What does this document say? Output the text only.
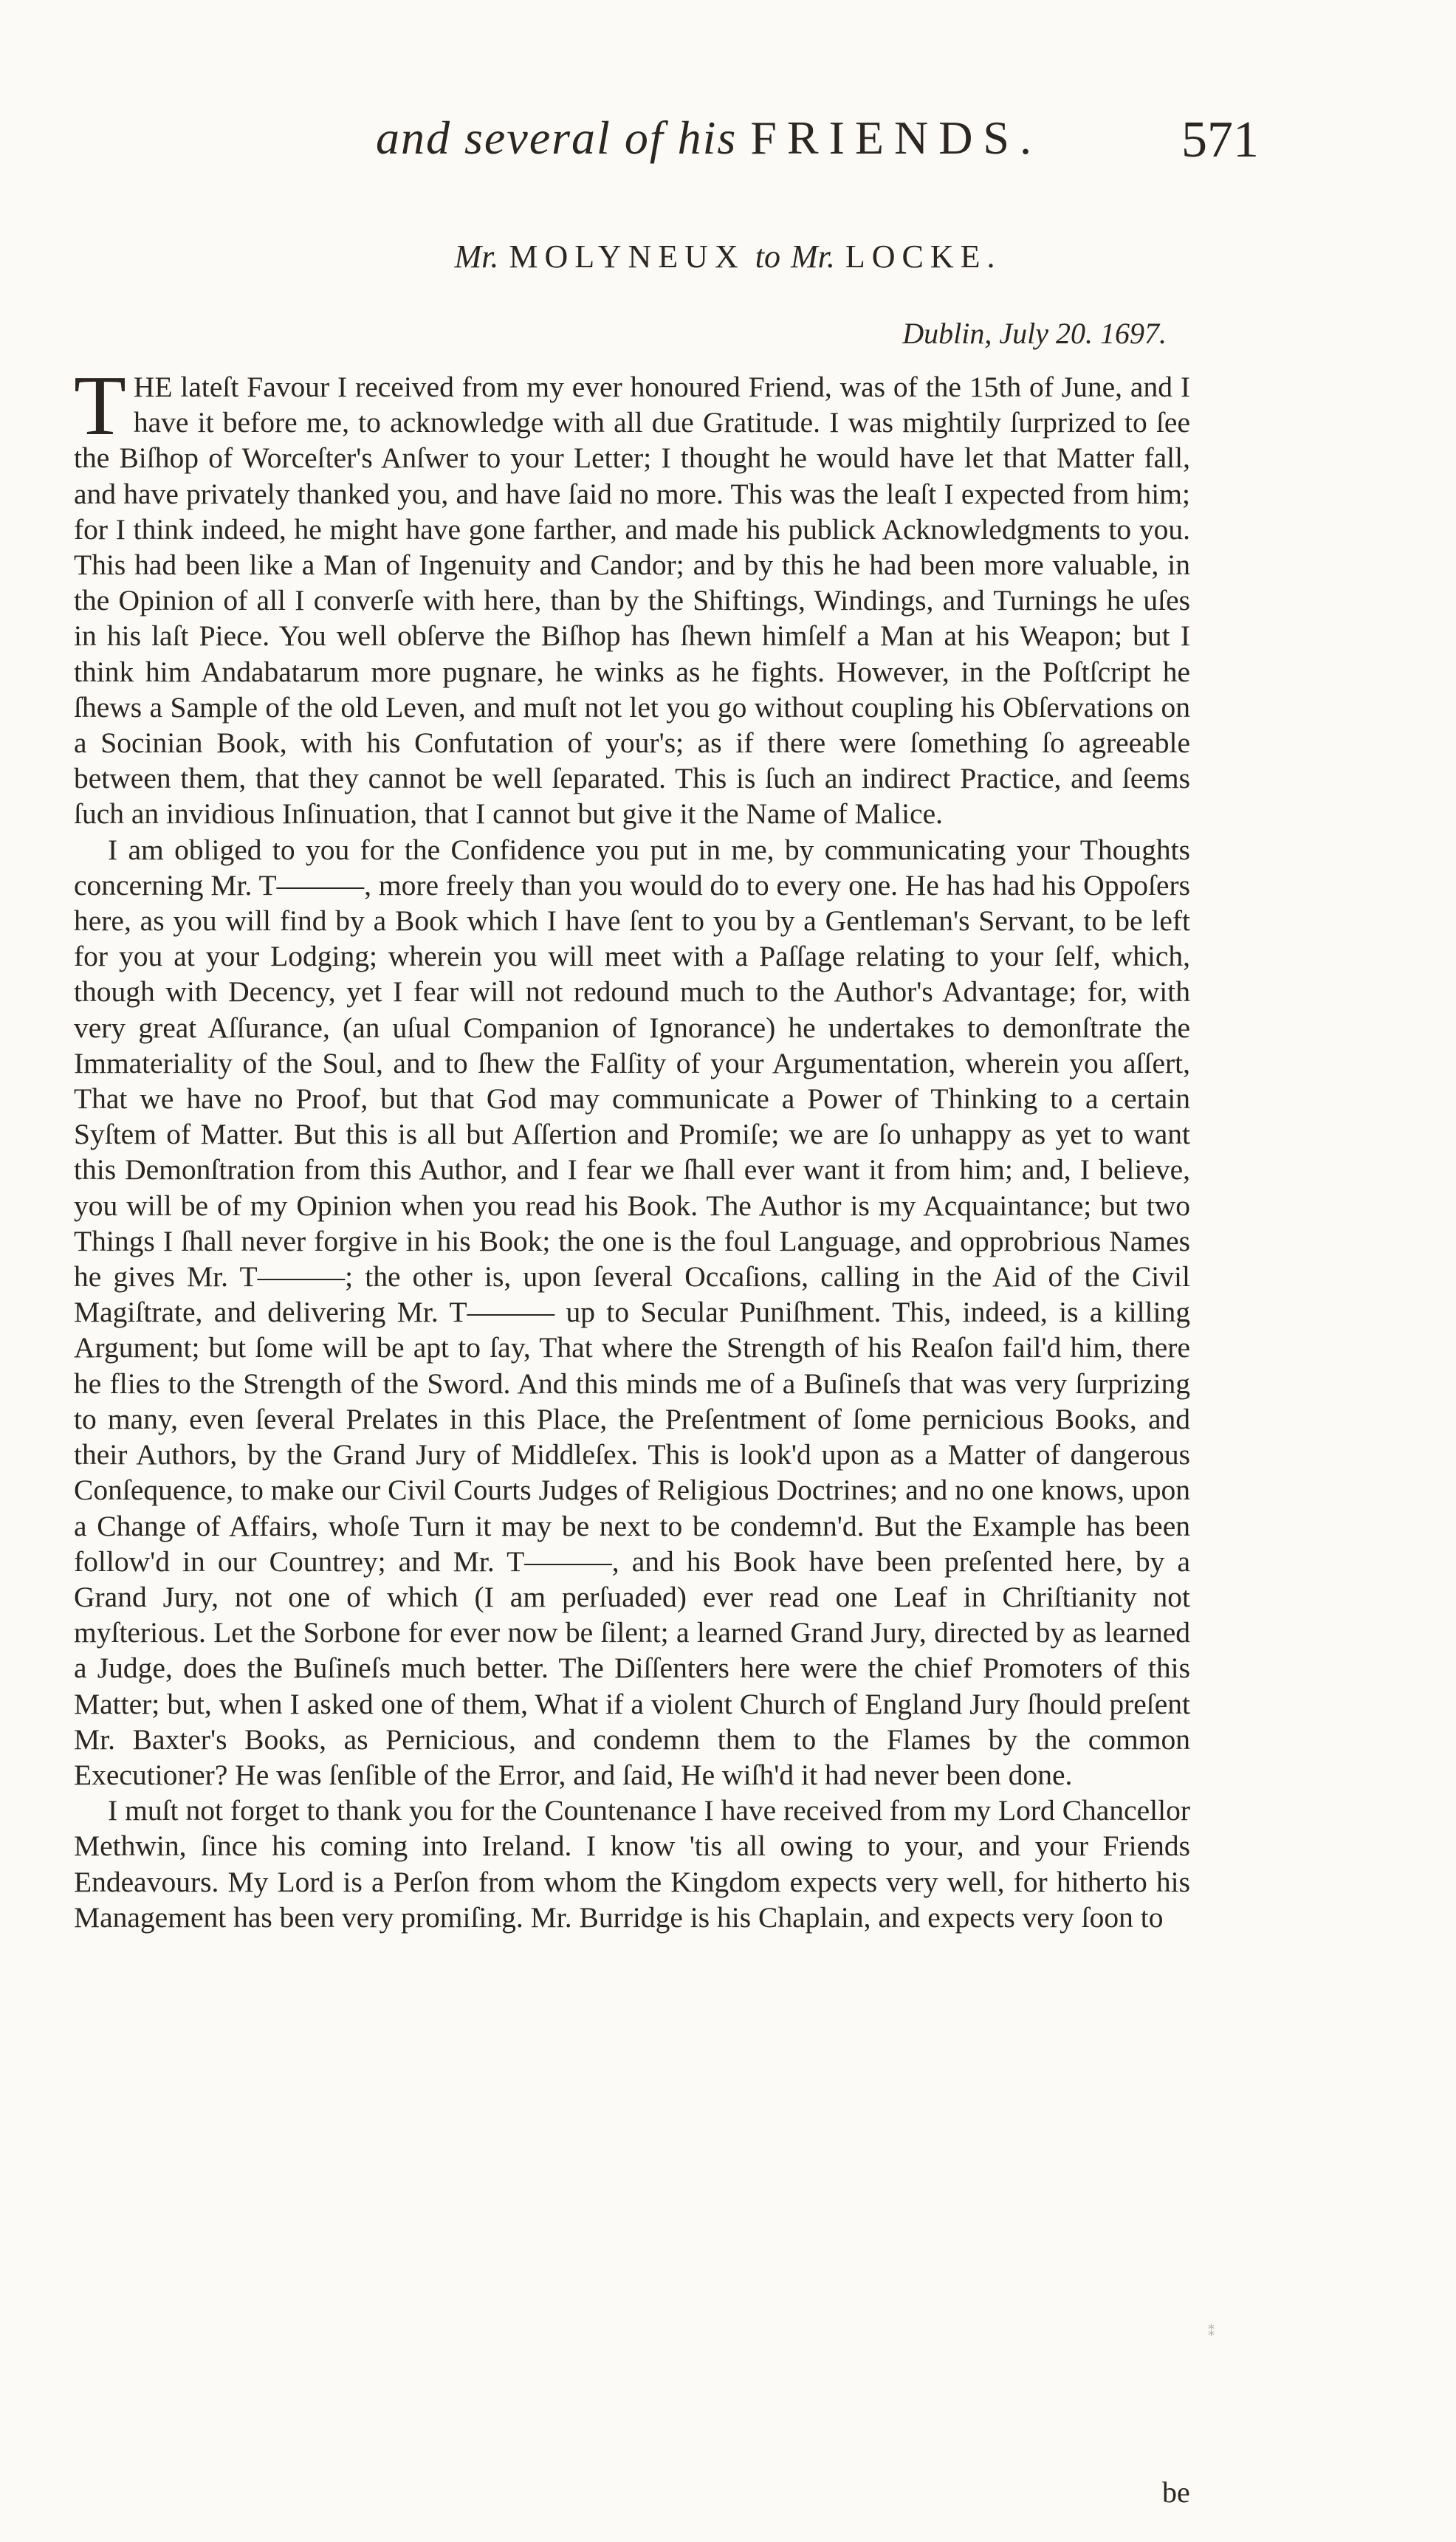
and several of his FRIENDS.	571
Mr. MOLYNEUX to Mr. LOCKE.
Dublin, July 20. 1697.

THE lateſt Favour I received from my ever honoured Friend, was of the 15th of June, and I have it before me, to acknowledge with all due Gratitude. I was mightily ſurprized to ſee the Biſhop of Worceſter's Anſwer to your Letter; I thought he would have let that Matter fall, and have privately thanked you, and have ſaid no more. This was the leaſt I expected from him; for I think indeed, he might have gone farther, and made his publick Acknowledgments to you. This had been like a Man of Ingenuity and Candor; and by this he had been more valuable, in the Opinion of all I converſe with here, than by the Shiftings, Windings, and Turnings he uſes in his laſt Piece. You well obſerve the Biſhop has ſhewn himſelf a Man at his Weapon; but I think him Andabatarum more pugnare, he winks as he fights. However, in the Poſtſcript he ſhews a Sample of the old Leven, and muſt not let you go without coupling his Obſervations on a Socinian Book, with his Confutation of your's; as if there were ſomething ſo agreeable between them, that they cannot be well ſeparated. This is ſuch an indirect Practice, and ſeems ſuch an invidious Inſinuation, that I cannot but give it the Name of Malice.

I am obliged to you for the Confidence you put in me, by communicating your Thoughts concerning Mr. T———, more freely than you would do to every one. He has had his Oppoſers here, as you will find by a Book which I have ſent to you by a Gentleman's Servant, to be left for you at your Lodging; wherein you will meet with a Paſſage relating to your ſelf, which, though with Decency, yet I fear will not redound much to the Author's Advantage; for, with very great Aſſurance, (an uſual Companion of Ignorance) he undertakes to demonſtrate the Immateriality of the Soul, and to ſhew the Falſity of your Argumentation, wherein you aſſert, That we have no Proof, but that God may communicate a Power of Thinking to a certain Syſtem of Matter. But this is all but Aſſertion and Promiſe; we are ſo unhappy as yet to want this Demonſtration from this Author, and I fear we ſhall ever want it from him; and, I believe, you will be of my Opinion when you read his Book. The Author is my Acquaintance; but two Things I ſhall never forgive in his Book; the one is the foul Language, and opprobrious Names he gives Mr. T———; the other is, upon ſeveral Occaſions, calling in the Aid of the Civil Magiſtrate, and delivering Mr. T——— up to Secular Puniſhment. This, indeed, is a killing Argument; but ſome will be apt to ſay, That where the Strength of his Reaſon fail'd him, there he flies to the Strength of the Sword. And this minds me of a Buſineſs that was very ſurprizing to many, even ſeveral Prelates in this Place, the Preſentment of ſome pernicious Books, and their Authors, by the Grand Jury of Middleſex. This is look'd upon as a Matter of dangerous Conſequence, to make our Civil Courts Judges of Religious Doctrines; and no one knows, upon a Change of Affairs, whoſe Turn it may be next to be condemn'd. But the Example has been follow'd in our Countrey; and Mr. T———, and his Book have been preſented here, by a Grand Jury, not one of which (I am perſuaded) ever read one Leaf in Chriſtianity not myſterious. Let the Sorbone for ever now be ſilent; a learned Grand Jury, directed by as learned a Judge, does the Buſineſs much better. The Diſſenters here were the chief Promoters of this Matter; but, when I asked one of them, What if a violent Church of England Jury ſhould preſent Mr. Baxter's Books, as Pernicious, and condemn them to the Flames by the common Executioner? He was ſenſible of the Error, and ſaid, He wiſh'd it had never been done.

I muſt not forget to thank you for the Countenance I have received from my Lord Chancellor Methwin, ſince his coming into Ireland. I know 'tis all owing to your, and your Friends Endeavours. My Lord is a Perſon from whom the Kingdom expects very well, for hitherto his Management has been very promiſing. Mr. Burridge is his Chaplain, and expects very ſoon to

be
⁑
